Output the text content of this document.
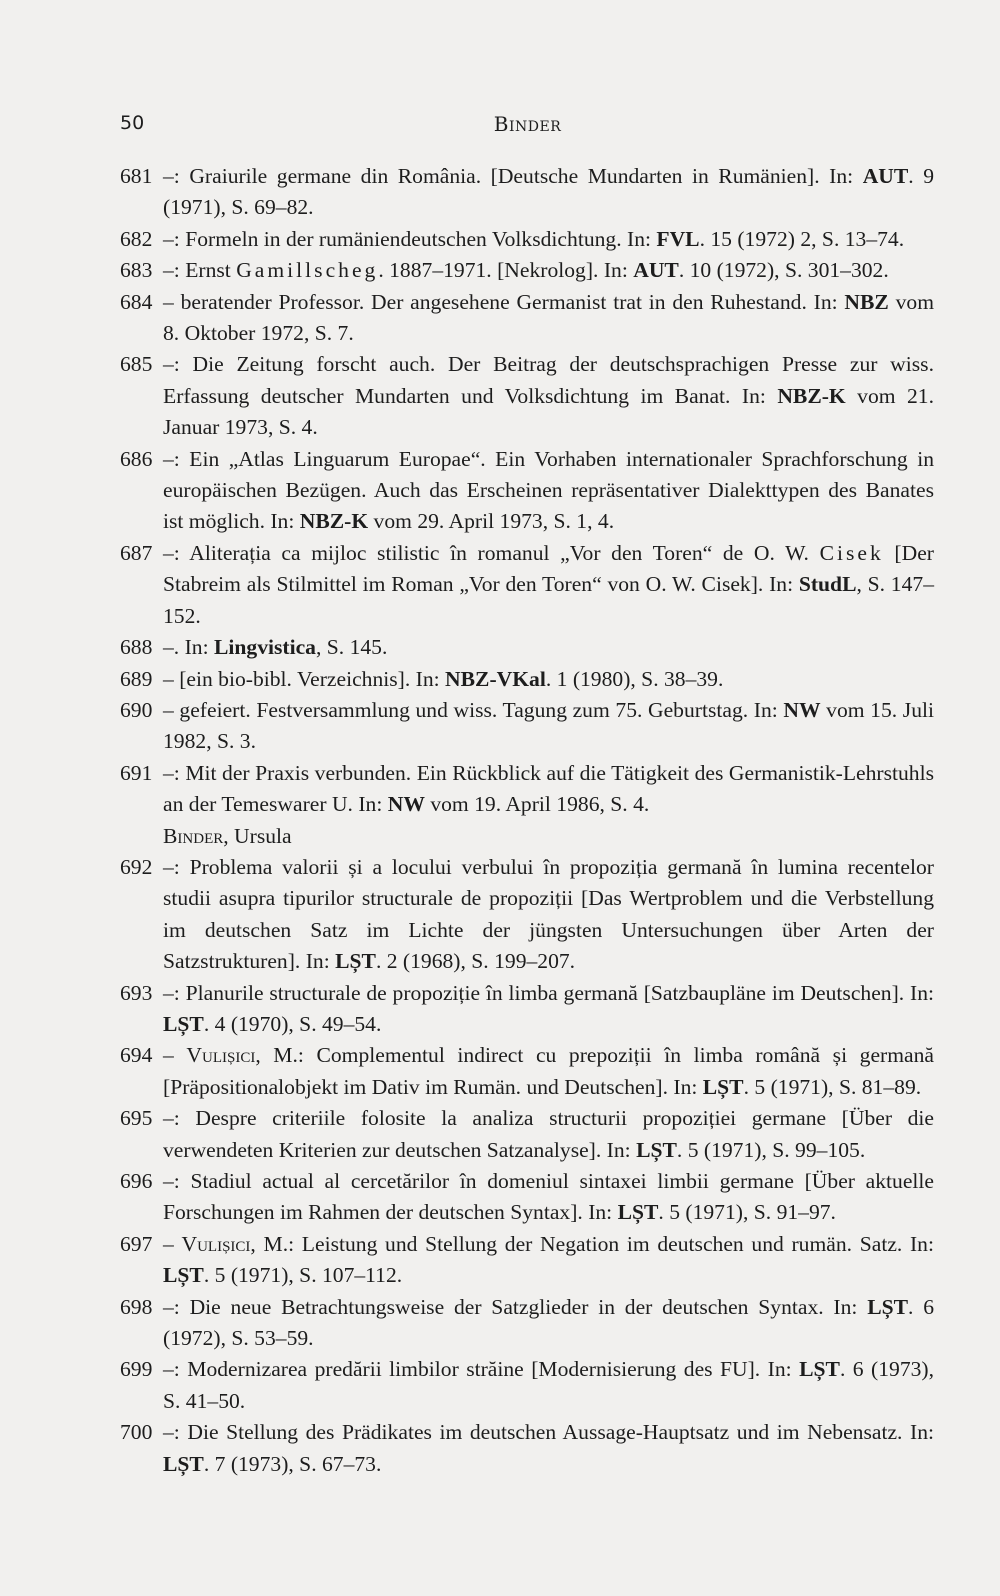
50	Binder
681 –: Graiurile germane din România. [Deutsche Mundarten in Rumänien]. In: AUT. 9 (1971), S. 69–82.
682 –: Formeln in der rumäniendeutschen Volksdichtung. In: FVL. 15 (1972) 2, S. 13–74.
683 –: Ernst Gamillscheg. 1887–1971. [Nekrolog]. In: AUT. 10 (1972), S. 301–302.
684 – beratender Professor. Der angesehene Germanist trat in den Ruhestand. In: NBZ vom 8. Oktober 1972, S. 7.
685 –: Die Zeitung forscht auch. Der Beitrag der deutschsprachigen Presse zur wiss. Erfassung deutscher Mundarten und Volksdichtung im Banat. In: NBZ-K vom 21. Januar 1973, S. 4.
686 –: Ein „Atlas Linguarum Europae“. Ein Vorhaben internationaler Sprachforschung in europäischen Bezügen. Auch das Erscheinen repräsentativer Dialekttypen des Banates ist möglich. In: NBZ-K vom 29. April 1973, S. 1, 4.
687 –: Aliterația ca mijloc stilistic în romanul „Vor den Toren“ de O. W. Cisek [Der Stabreim als Stilmittel im Roman „Vor den Toren“ von O. W. Cisek]. In: StudL, S. 147–152.
688 –. In: Lingvistica, S. 145.
689 – [ein bio-bibl. Verzeichnis]. In: NBZ-VKal. 1 (1980), S. 38–39.
690 – gefeiert. Festversammlung und wiss. Tagung zum 75. Geburtstag. In: NW vom 15. Juli 1982, S. 3.
691 –: Mit der Praxis verbunden. Ein Rückblick auf die Tätigkeit des Germanistik-Lehrstuhls an der Temeswarer U. In: NW vom 19. April 1986, S. 4.
Binder, Ursula
692 –: Problema valorii și a locului verbului în propoziția germană în lumina recentelor studii asupra tipurilor structurale de propoziții [Das Wertproblem und die Verbstellung im deutschen Satz im Lichte der jüngsten Untersuchungen über Arten der Satzstrukturen]. In: LȘT. 2 (1968), S. 199–207.
693 –: Planurile structurale de propoziție în limba germană [Satzbaupläne im Deutschen]. In: LȘT. 4 (1970), S. 49–54.
694 – Vulișici, M.: Complementul indirect cu prepoziții în limba română și germană [Präpositionalobjekt im Dativ im Rumän. und Deutschen]. In: LȘT. 5 (1971), S. 81–89.
695 –: Despre criteriile folosite la analiza structurii propoziției germane [Über die verwendeten Kriterien zur deutschen Satzanalyse]. In: LȘT. 5 (1971), S. 99–105.
696 –: Stadiul actual al cercetărilor în domeniul sintaxei limbii germane [Über aktuelle Forschungen im Rahmen der deutschen Syntax]. In: LȘT. 5 (1971), S. 91–97.
697 – Vulișici, M.: Leistung und Stellung der Negation im deutschen und rumän. Satz. In: LȘT. 5 (1971), S. 107–112.
698 –: Die neue Betrachtungsweise der Satzglieder in der deutschen Syntax. In: LȘT. 6 (1972), S. 53–59.
699 –: Modernizarea predării limbilor străine [Modernisierung des FU]. In: LȘT. 6 (1973), S. 41–50.
700 –: Die Stellung des Prädikates im deutschen Aussage-Hauptsatz und im Nebensatz. In: LȘT. 7 (1973), S. 67–73.
